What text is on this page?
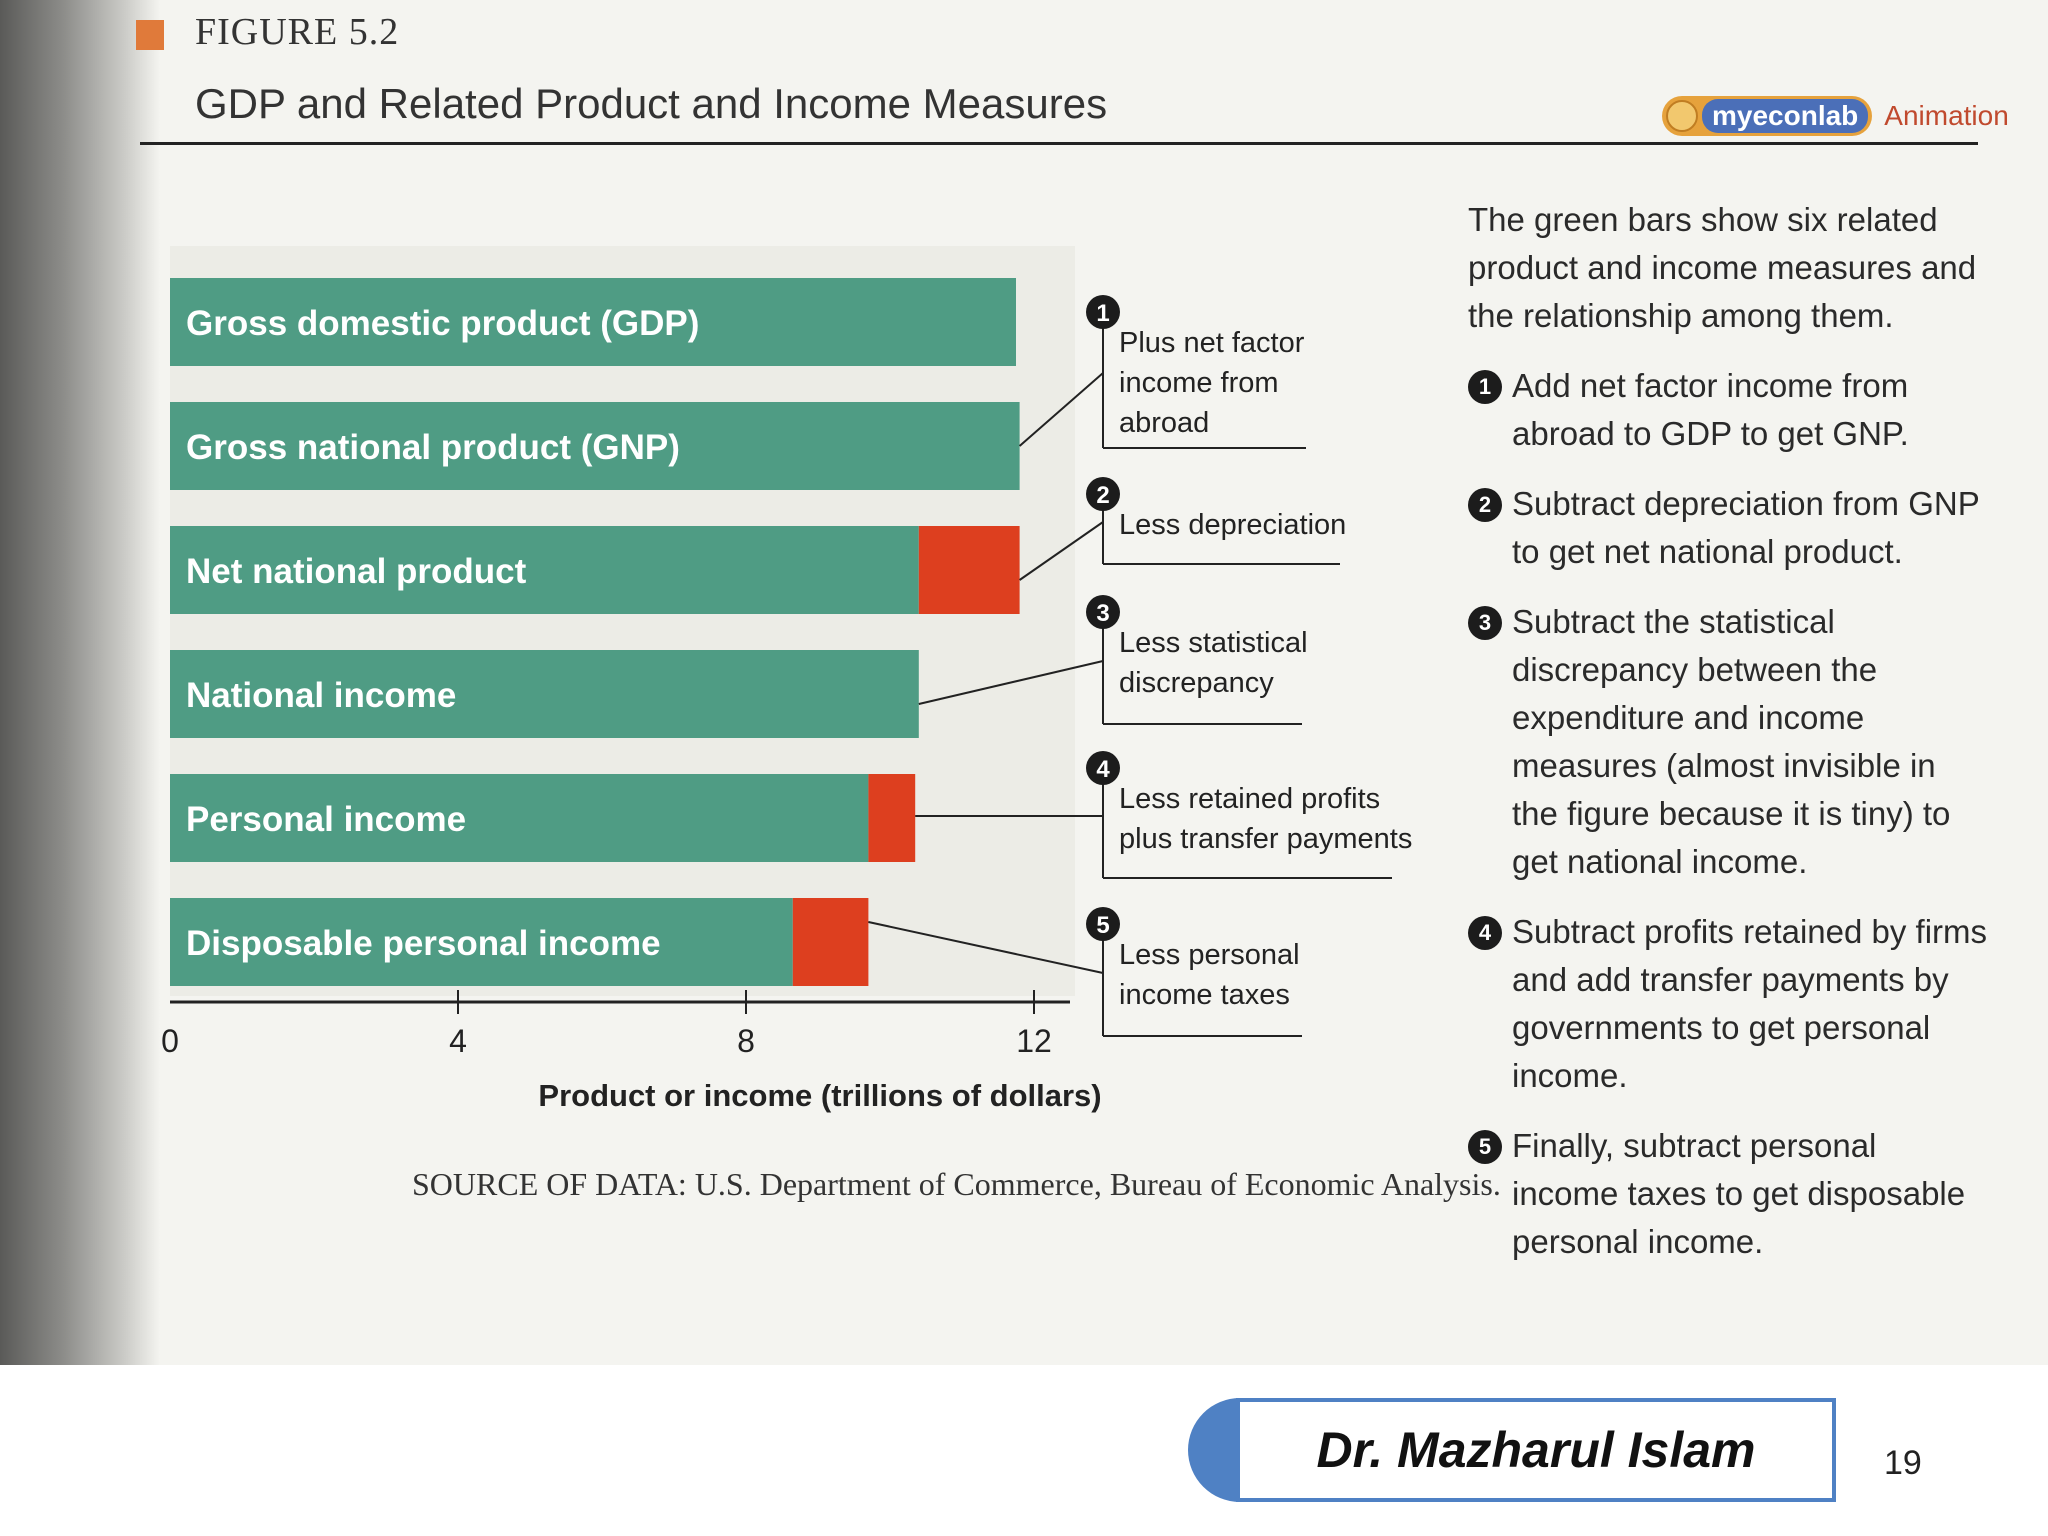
FIGURE 5.2
GDP and Related Product and Income Measures	myeconlab Animation
Gross domestic product (GDP)
Gross national product (GNP)
Net national product
National income
Personal income
Disposable personal income
0	4	8	12
Product or income (trillions of dollars)
1
Plus net factor
income from
abroad
2
Less depreciation
3
Less statistical
discrepancy
4
Less retained profits
plus transfer payments
5
Less personal
income taxes
The green bars show six related product and income measures and the relationship among them.
1 Add net factor income from abroad to GDP to get GNP.
2 Subtract depreciation from GNP to get net national product.
3 Subtract the statistical discrepancy between the expenditure and income measures (almost invisible in the figure because it is tiny) to get national income.
4 Subtract profits retained by firms and add transfer payments by governments to get personal income.
5 Finally, subtract personal income taxes to get disposable personal income.
SOURCE OF DATA: U.S. Department of Commerce, Bureau of Economic Analysis.
Dr. Mazharul Islam	19
